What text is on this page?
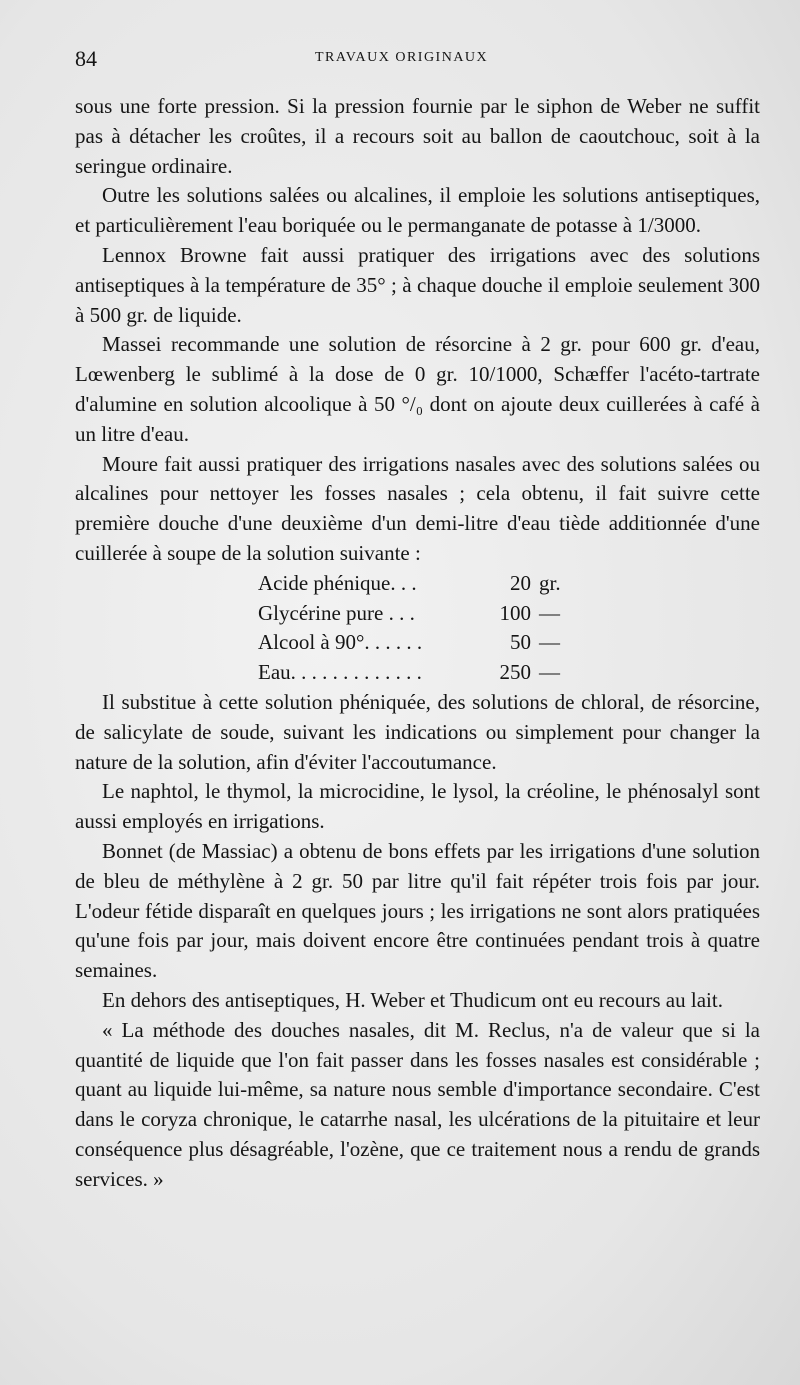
84	TRAVAUX ORIGINAUX

sous une forte pression. Si la pression fournie par le siphon de Weber ne suffit pas à détacher les croûtes, il a recours soit au ballon de caoutchouc, soit à la seringue ordinaire.

Outre les solutions salées ou alcalines, il emploie les solutions antiseptiques, et particulièrement l'eau boriquée ou le permanganate de potasse à 1/3000.

Lennox Browne fait aussi pratiquer des irrigations avec des solutions antiseptiques à la température de 35° ; à chaque douche il emploie seulement 300 à 500 gr. de liquide.

Massei recommande une solution de résorcine à 2 gr. pour 600 gr. d'eau, Lœwenberg le sublimé à la dose de 0 gr. 10/1000, Schæffer l'acéto-tartrate d'alumine en solution alcoolique à 50 °/₀ dont on ajoute deux cuillerées à café à un litre d'eau.

Moure fait aussi pratiquer des irrigations nasales avec des solutions salées ou alcalines pour nettoyer les fosses nasales ; cela obtenu, il fait suivre cette première douche d'une deuxième d'un demi-litre d'eau tiède additionnée d'une cuillerée à soupe de la solution suivante :

Acide phénique. . .	20 gr.
Glycérine pure . . .	100 —
Alcool à 90°. . . . . .	50 —
Eau. . . . . . . . . . . . .	250 —

Il substitue à cette solution phéniquée, des solutions de chloral, de résorcine, de salicylate de soude, suivant les indications ou simplement pour changer la nature de la solution, afin d'éviter l'accoutumance.

Le naphtol, le thymol, la microcidine, le lysol, la créoline, le phénosalyl sont aussi employés en irrigations.

Bonnet (de Massiac) a obtenu de bons effets par les irrigations d'une solution de bleu de méthylène à 2 gr. 50 par litre qu'il fait répéter trois fois par jour. L'odeur fétide disparaît en quelques jours ; les irrigations ne sont alors pratiquées qu'une fois par jour, mais doivent encore être continuées pendant trois à quatre semaines.

En dehors des antiseptiques, H. Weber et Thudicum ont eu recours au lait.

« La méthode des douches nasales, dit M. Reclus, n'a de valeur que si la quantité de liquide que l'on fait passer dans les fosses nasales est considérable ; quant au liquide lui-même, sa nature nous semble d'importance secondaire. C'est dans le coryza chronique, le catarrhe nasal, les ulcérations de la pituitaire et leur conséquence plus désagréable, l'ozène, que ce traitement nous a rendu de grands services. »
